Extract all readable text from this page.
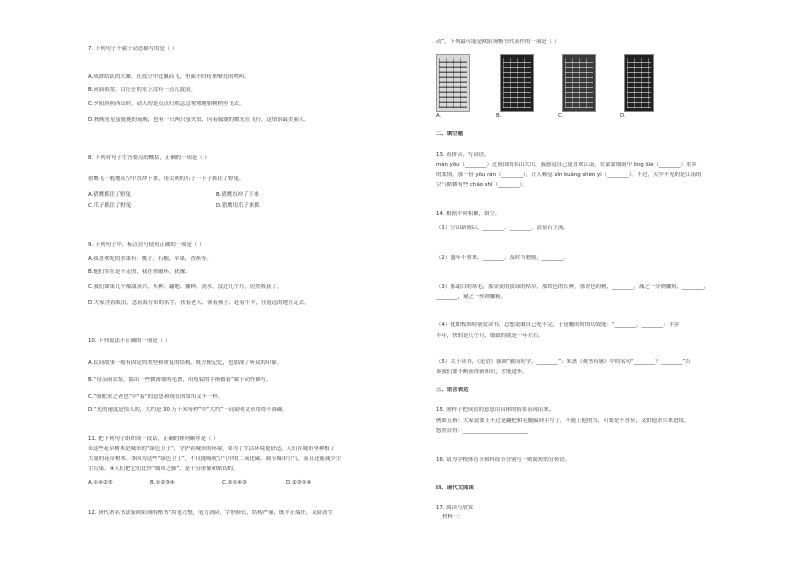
7. 下列句子不属于动态描写的是（ ）
A.成群结队的大雁，在蓝空中比翼而飞，里面不时传来嘹亮的鸣叫。
B.河面很宽，白茫茫的水上没有一点儿波浪。
C.夕阳斜照西山时，动人的是点点归鸦急急匆匆地朝树梢里飞去。
D.秋晚星星萤挺拖的夜晚，也有一只两只萤火虫，闪着朦胧的微光在飞行，这情景最美丽人。
8. 下列对句子生答要点的概括，正确的一项是（ ）
猎鹰飞一般地从空中直冲下来，用尖利的爪子一下子抓住了野兔。
A.猎鹰抓住了野兔	B.猎鹰直冲了下来
C.爪子抓住了野兔	D.猎鹰用爪子来抓
9. 下列句子中，标点符号使用正确的一项是（ ）
A.我喜欢吃的水果有：桃子，石榴，苹果，香蕉等。
B.他们实在是不走的，我在重破坏、犹豫。
C.我们如果几个都甜蒸兴，买种、翻地、播种、浇水，没过几个月，居然收获了。
D.大家含着眼泪，念着海方市的名字，扶着老人、领着孩子、赶着牛羊，往返远的地方走去。
10. 下列说法不正确的一项是（ ）
A.民间故事一般有固定的类型和重复的结构，既方便记忆，也加深了听众的印象。
B.“母亲雨衣泵，擂出一些微薄皱的毛票，用龟裂的手指数着”属于动作描写。
C.“骆驼求之者也”中“着”的意思和现在的常用义不一样。
D.“光的速度是惊人的，大约是 30 万千米每秒”中“大约”一词说明文章用得不准确。
11. 把下列句子组织成一段话，正确的排列顺序是（ ）
①这些花草树木是城市的“绿色卫士”，守护着城市的环境。②为了生活环境更舒适，人们在城市里种植了
大量的花草树木。③因为这些“绿色卫士”，不仅能吸收空气中的二氧化碳，调节城市空气，而且还能减少尘
尘污染。④人们把它们比作“城市之肺”，是十分形象和贴切的。
A.①④②③	B.①②③④	C.②①④③	D.②③①④
12. 唐代著名书法家欧阳询的楷书“用笔方整，笔力劲险，字形修长，结构严谨，既平正端庄，又险劲生
动”。下列最可能是欧阳询楷书代表作的一项是（ ）
A.	B.	C.	D.
二、填空题
13. 看拼音，写词语。
mán yōu（________）过祖国的名山大川，我感觉自己更喜欢江南。在蒙蒙细雨中 líng lüè（________）水乡
的柔情，那一份 yōu rán（________），让人顿觉 xīn kuàng shén yí（________）。不过，关中不见的是江南的
空气略微有些 cháo shī（________）。
14. 根据平时积累，填空。
（1）空山新雨后，________。________，清泉石上流。
（2）盛年不重来，________。及时当勉励，________。
（3）那霜白的寒毛，那金黄的淡绿的枯草，那铁色的长种，那青色的树，________，减之一分则嫌短，________，
________，窥之一丝则嫌粗。
（4）优如枚饰特别爱读书，总想说服自己吃不完，于是触的时的功效能：“________，________：半岁
半年，快的是几个月，细致的就是一年左右。
（5）关于读书，《论语》强调“敏而好学，________”；朱熹《观书有感》中的名句“________？________”告
诉我们要不断获得新知识，才能进步。
三、语言表达
15. 照样子把成语的意思用具体的情景表现出来。
例如五指：大家说要王不过是翻把和毛髓偏到手写了，不能上他的当，可要是不答应，又怕他杀兵来进攻。
悠然自得：________________________
16. 请为学校体育节和科技节分别写一则简短的宣传语。
四、现代文阅读
17. 阅读与欣赏
材料一：
